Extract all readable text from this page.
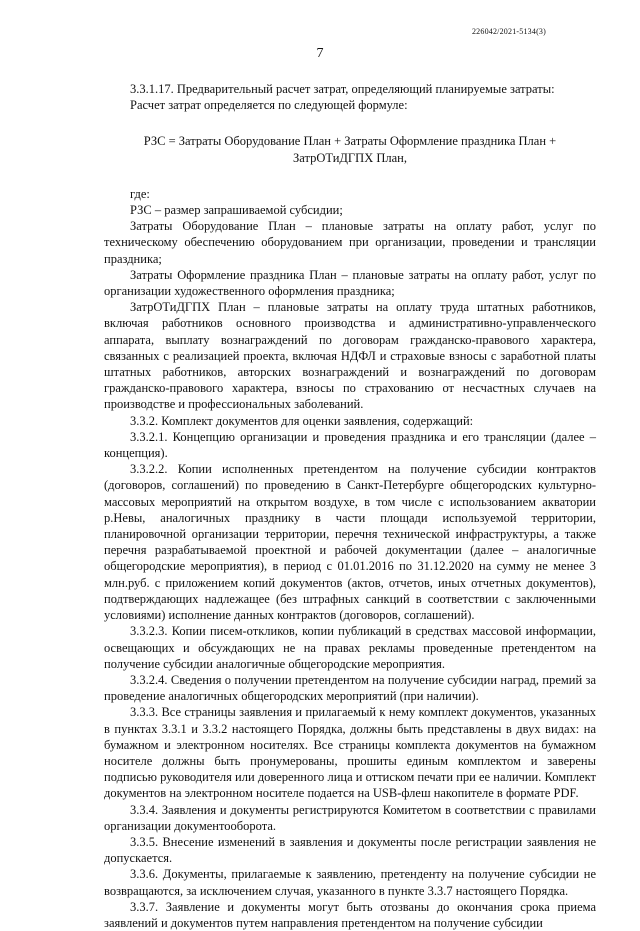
226042/2021-5134(3)
7

3.3.1.17. Предварительный расчет затрат, определяющий планируемые затраты:

Расчет затрат определяется по следующей формуле:

РЗС = Затраты Оборудование План + Затраты Оформление праздника План +

ЗатрОТиДГПХ План,

где:

РЗС – размер запрашиваемой субсидии;

Затраты Оборудование План – плановые затраты на оплату работ, услуг по техническому обеспечению оборудованием при организации, проведении и трансляции праздника;

Затраты Оформление праздника План – плановые затраты на оплату работ, услуг по организации художественного оформления праздника;

ЗатрОТиДГПХ План – плановые затраты на оплату труда штатных работников, включая работников основного производства и административно-управленческого аппарата, выплату вознаграждений по договорам гражданско-правового характера, связанных с реализацией проекта, включая НДФЛ и страховые взносы с заработной платы штатных работников, авторских вознаграждений и вознаграждений по договорам гражданско-правового характера, взносы по страхованию от несчастных случаев на производстве и профессиональных заболеваний.

3.3.2. Комплект документов для оценки заявления, содержащий:

3.3.2.1. Концепцию организации и проведения праздника и его трансляции (далее – концепция).

3.3.2.2. Копии исполненных претендентом на получение субсидии контрактов (договоров, соглашений) по проведению в Санкт-Петербурге общегородских культурно-массовых мероприятий на открытом воздухе, в том числе с использованием акватории р.Невы, аналогичных празднику в части площади используемой территории, планировочной организации территории, перечня технической инфраструктуры, а также перечня разрабатываемой проектной и рабочей документации (далее – аналогичные общегородские мероприятия), в период с 01.01.2016 по 31.12.2020 на сумму не менее 3 млн.руб. с приложением копий документов (актов, отчетов, иных отчетных документов), подтверждающих надлежащее (без штрафных санкций в соответствии с заключенными условиями) исполнение данных контрактов (договоров, соглашений).

3.3.2.3. Копии писем-откликов, копии публикаций в средствах массовой информации, освещающих и обсуждающих не на правах рекламы проведенные претендентом на получение субсидии аналогичные общегородские мероприятия.

3.3.2.4. Сведения о получении претендентом на получение субсидии наград, премий за проведение аналогичных общегородских мероприятий (при наличии).

3.3.3. Все страницы заявления и прилагаемый к нему комплект документов, указанных в пунктах 3.3.1 и 3.3.2 настоящего Порядка, должны быть представлены в двух видах: на бумажном и электронном носителях. Все страницы комплекта документов на бумажном носителе должны быть пронумерованы, прошиты единым комплектом и заверены подписью руководителя или доверенного лица и оттиском печати при ее наличии. Комплект документов на электронном носителе подается на USB-флеш накопителе в формате PDF.

3.3.4. Заявления и документы регистрируются Комитетом в соответствии с правилами организации документооборота.

3.3.5. Внесение изменений в заявления и документы после регистрации заявления не допускается.

3.3.6. Документы, прилагаемые к заявлению, претенденту на получение субсидии не возвращаются, за исключением случая, указанного в пункте 3.3.7 настоящего Порядка.

3.3.7. Заявление и документы могут быть отозваны до окончания срока приема заявлений и документов путем направления претендентом на получение субсидии
